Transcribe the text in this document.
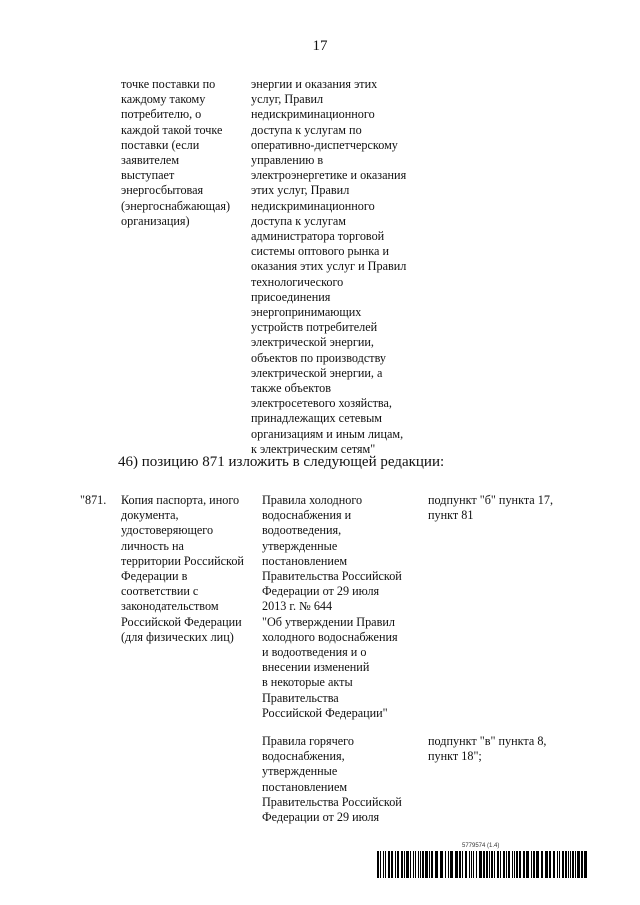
17
точке поставки по
каждому такому
потребителю, о
каждой такой точке
поставки (если
заявителем
выступает
энергосбытовая
(энергоснабжающая)
организация)
энергии и оказания этих
услуг, Правил
недискриминационного
доступа к услугам по
оперативно-диспетчерскому
управлению в
электроэнергетике и оказания
этих услуг, Правил
недискриминационного
доступа к услугам
администратора торговой
системы оптового рынка и
оказания этих услуг и Правил
технологического
присоединения
энергопринимающих
устройств потребителей
электрической энергии,
объектов по производству
электрической энергии, а
также объектов
электросетевого хозяйства,
принадлежащих сетевым
организациям и иным лицам,
к электрическим сетям"
46) позицию 871 изложить в следующей редакции:
"871.	Копия паспорта, иного
документа,
удостоверяющего
личность на
территории Российской
Федерации в
соответствии с
законодательством
Российской Федерации
(для физических лиц)
Правила холодного
водоснабжения и
водоотведения,
утвержденные
постановлением
Правительства Российской
Федерации от 29 июля
2013 г. № 644
"Об утверждении Правил
холодного водоснабжения
и водоотведения и о
внесении изменений
в некоторые акты
Правительства
Российской Федерации"
подпункт "б" пункта 17,
пункт 81
Правила горячего
водоснабжения,
утвержденные
постановлением
Правительства Российской
Федерации от 29 июля
подпункт "в" пункта 8,
пункт 18";
5779574 (1.4)
